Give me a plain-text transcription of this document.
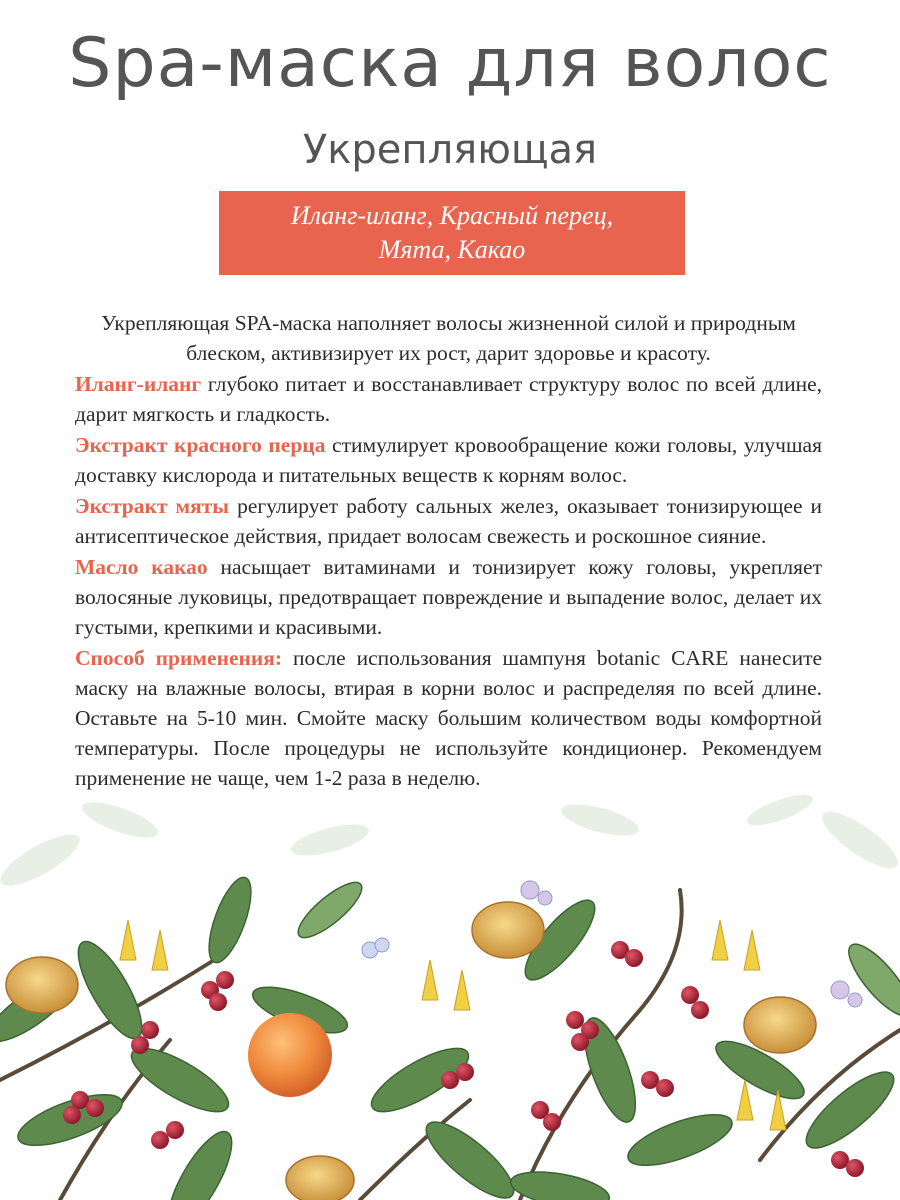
Spa-маска для волос
Укрепляющая
Иланг-иланг, Красный перец,
Мята, Какао

Укрепляющая SPA-маска наполняет волосы жизненной силой и природным блеском, активизирует их рост, дарит здоровье и красоту.

Иланг-иланг глубоко питает и восстанавливает структуру волос по всей длине, дарит мягкость и гладкость.

Экстракт красного перца стимулирует кровообращение кожи головы, улучшая доставку кислорода и питательных веществ к корням волос.

Экстракт мяты регулирует работу сальных желез, оказывает тонизирующее и антисептическое действия, придает волосам свежесть и роскошное сияние.

Масло какао насыщает витаминами и тонизирует кожу головы, укрепляет волосяные луковицы, предотвращает повреждение и выпадение волос, делает их густыми, крепкими и красивыми.

Способ применения: после использования шампуня botanic CARE нанесите маску на влажные волосы, втирая в корни волос и распределяя по всей длине. Оставьте на 5-10 мин. Смойте маску большим количеством воды комфортной температуры. После процедуры не используйте кондиционер. Рекомендуем применение не чаще, чем 1-2 раза в неделю.
